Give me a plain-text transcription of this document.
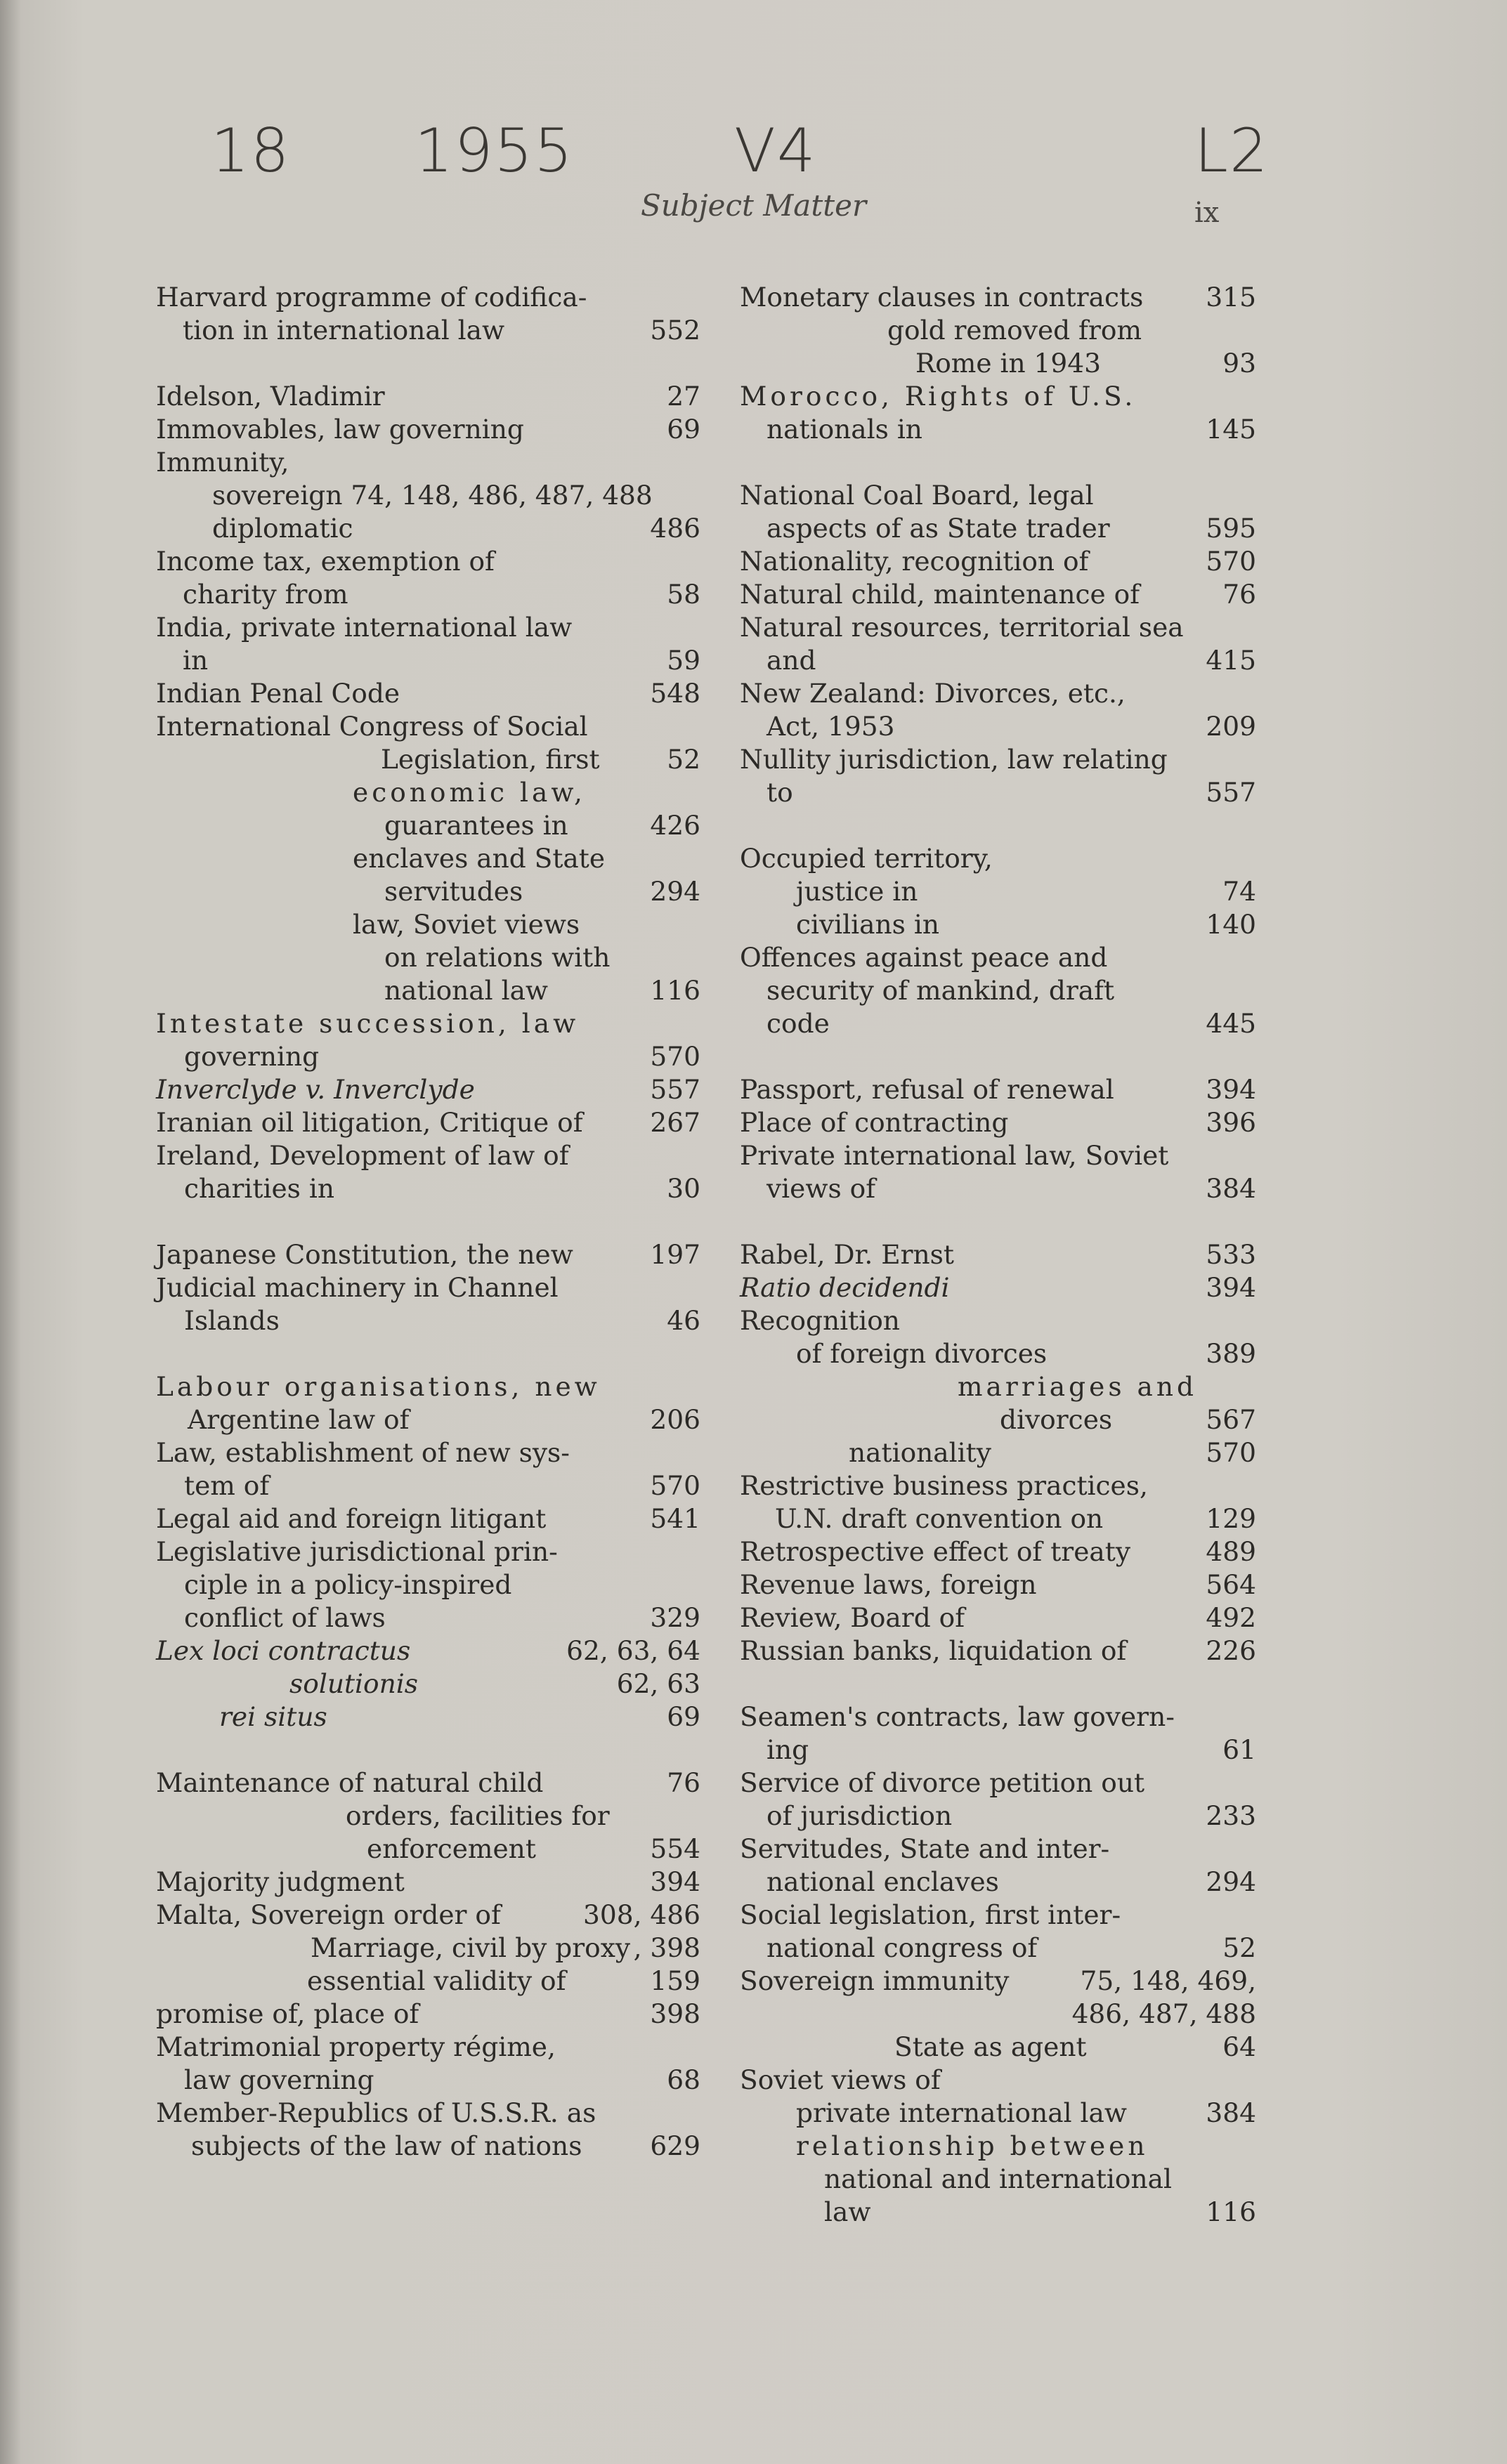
18 1955	V4	L2
Subject Matter	ix
Harvard programme of codifica-
tion in international law	552
Idelson, Vladimir	27
Immovables, law governing	69
Immunity,
sovereign 74, 148, 486, 487, 488
diplomatic	486
Income tax, exemption of
charity from	58
India, private international law
in	59
Indian Penal Code	548
International Congress of Social
Legislation, first	52
economic law,
guarantees in	426
enclaves and State
servitudes	294
law, Soviet views
on relations with
national law	116
Intestate succession, law
governing	570
Inverclyde v. Inverclyde	557
Iranian oil litigation, Critique of	267
Ireland, Development of law of
charities in	30
Japanese Constitution, the new	197
Judicial machinery in Channel
Islands	46
Labour organisations, new
Argentine law of	206
Law, establishment of new sys-
tem of	570
Legal aid and foreign litigant	541
Legislative jurisdictional prin-
ciple in a policy-inspired
conflict of laws	329
Lex loci contractus	62, 63, 64
solutionis	62, 63
rei situs	69
Maintenance of natural child	76
orders, facilities for
enforcement	554
Majority judgment	394
Malta, Sovereign order of	308, 486
Marriage, civil by proxy , 398
essential validity of	159
promise of, place of	398
Matrimonial property régime,
law governing	68
Member-Republics of U.S.S.R. as
subjects of the law of nations	629
Monetary clauses in contracts 315
gold removed from
Rome in 1943	93
Morocco, Rights of U.S.
nationals in	145
National Coal Board, legal
aspects of as State trader	595
Nationality, recognition of	570
Natural child, maintenance of	76
Natural resources, territorial sea
and	415
New Zealand: Divorces, etc.,
Act, 1953	209
Nullity jurisdiction, law relating
to	557
Occupied territory,
justice in	74
civilians in	140
Offences against peace and
security of mankind, draft
code	445
Passport, refusal of renewal	394
Place of contracting	396
Private international law, Soviet
views of	384
Rabel, Dr. Ernst	533
Ratio decidendi	394
Recognition
of foreign divorces	389
marriages and
divorces	567
nationality	570
Restrictive business practices,
U.N. draft convention on	129
Retrospective effect of treaty	489
Revenue laws, foreign	564
Review, Board of	492
Russian banks, liquidation of	226
Seamen's contracts, law govern-
ing	61
Service of divorce petition out
of jurisdiction	233
Servitudes, State and inter-
national enclaves	294
Social legislation, first inter-
national congress of	52
Sovereign immunity	75, 148, 469,
486, 487, 488
State as agent	64
Soviet views of
private international law	384
relationship between
national and international
law	116
